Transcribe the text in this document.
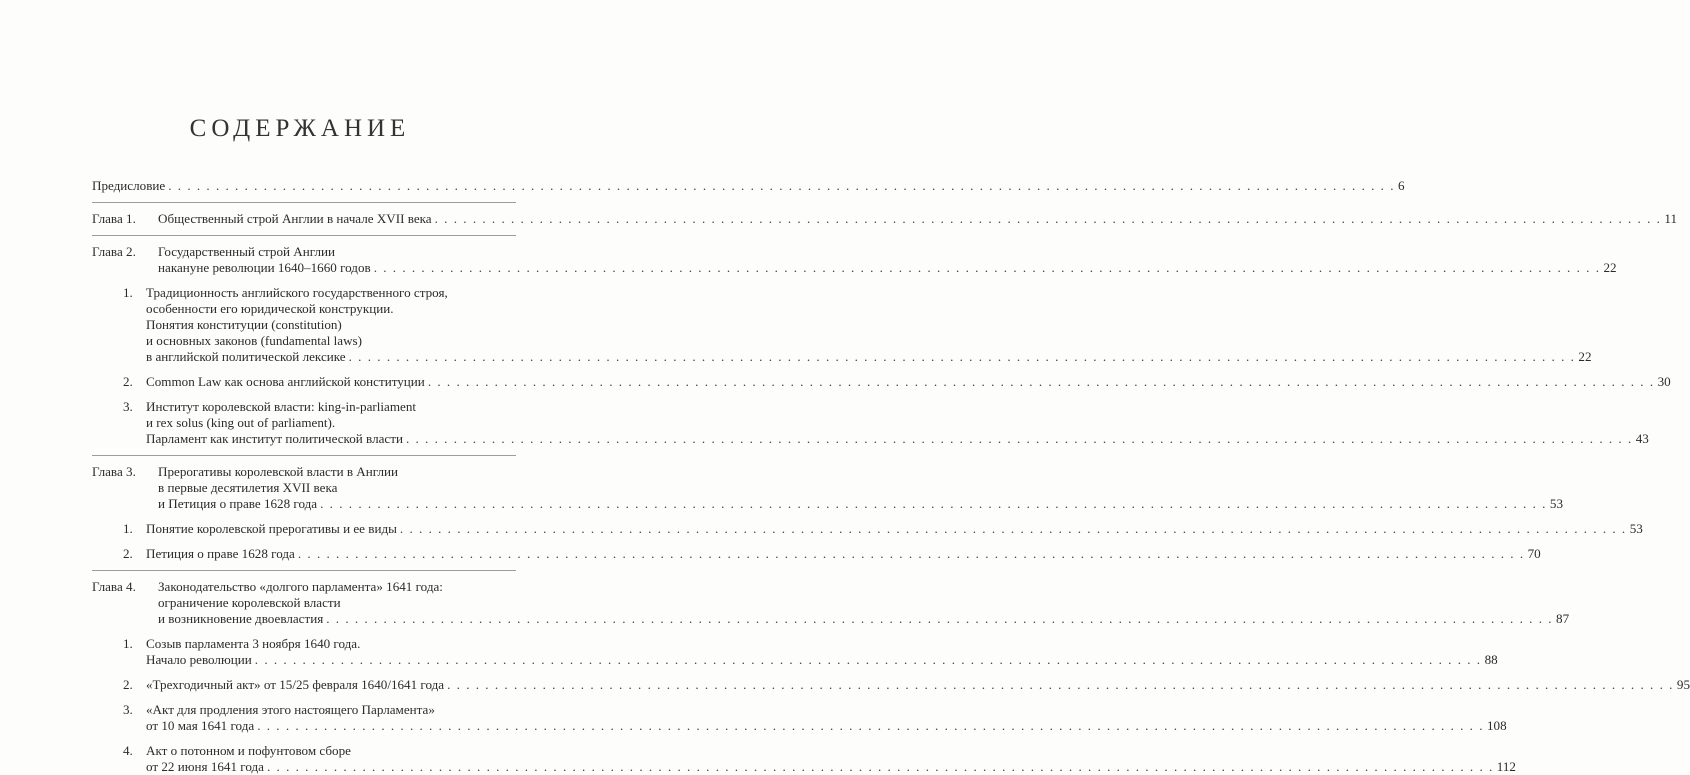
СОДЕРЖАНИЕ
Предисловие . . .	6
Глава 1.	Общественный строй Англии в начале XVII века . . .	11
Глава 2.	Государственный строй Англии
накануне революции 1640–1660 годов . . .	22
1.	Традиционность английского государственного строя,
особенности его юридической конструкции.
Понятия конституции (constitution)
и основных законов (fundamental laws)
в английской политической лексике . . .	22
2.	Common Law как основа английской конституции . . .	30
3.	Институт королевской власти: king-in-parliament
и rex solus (king out of parliament).
Парламент как институт политической власти . . .	43
Глава 3.	Прерогативы королевской власти в Англии
в первые десятилетия XVII века
и Петиция о праве 1628 года . . .	53
1.	Понятие королевской прерогативы и ее виды . . .	53
2.	Петиция о праве 1628 года . . .	70
Глава 4.	Законодательство «долгого парламента» 1641 года:
ограничение королевской власти
и возникновение двоевластия . . .	87
1.	Созыв парламента 3 ноября 1640 года.
Начало революции . . .	88
2.	«Трехгодичный акт» от 15/25 февраля 1640/1641 года . . .	95
3.	«Акт для продления этого настоящего Парламента»
от 10 мая 1641 года . . .	108
4.	Акт о потонном и пофунтовом сборе
от 22 июня 1641 года . . .	112
